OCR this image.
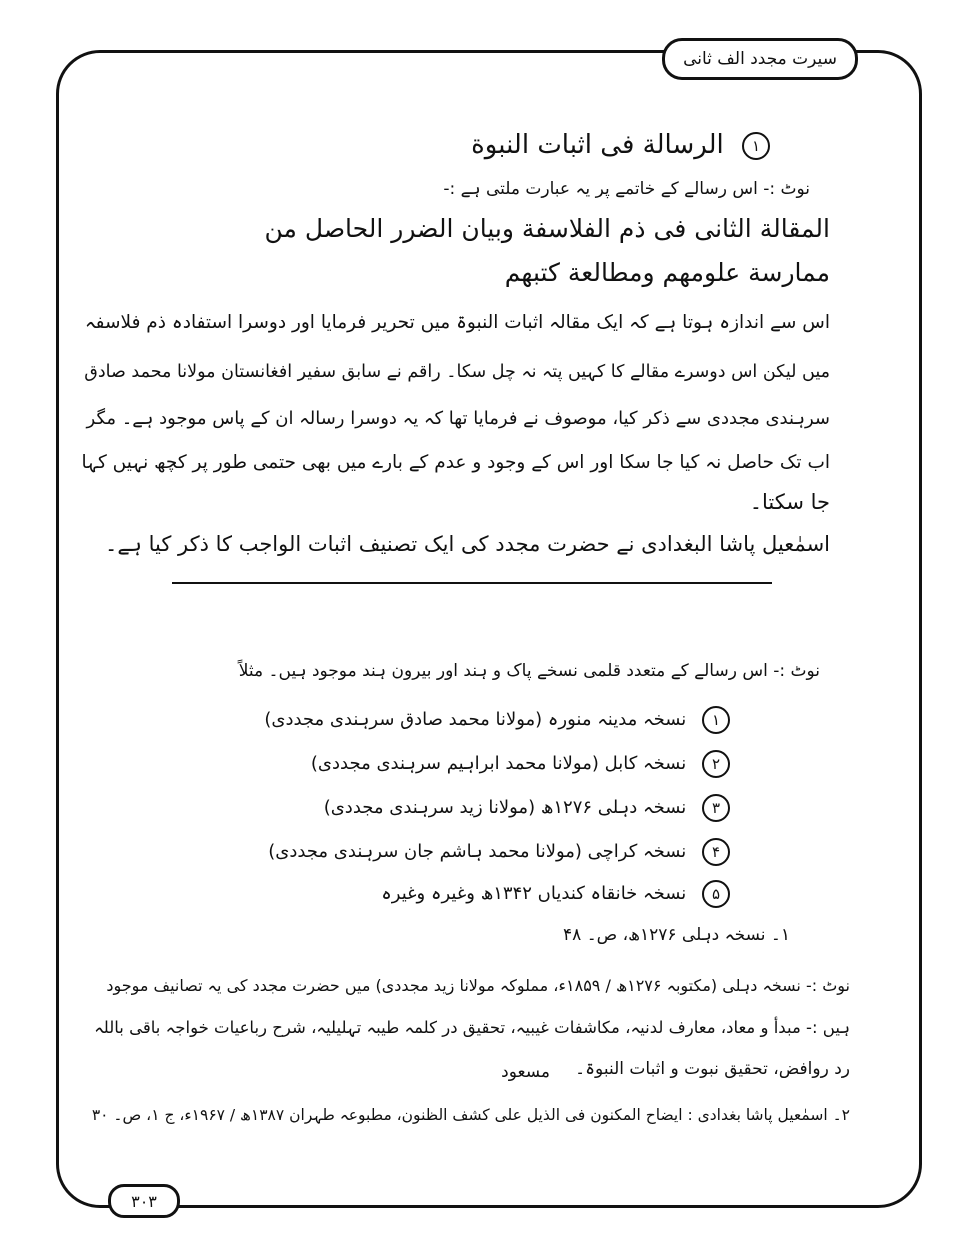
سیرت مجدد الف ثانی
۱ الرسالة فی اثبات النبوة
نوٹ :- اس رسالے کے خاتمے پر یہ عبارت ملتی ہے :-
المقالة الثانی فی ذم الفلاسفة وبیان الضرر الحاصل من
ممارسة علومهم ومطالعة کتبهم
اس سے اندازہ ہوتا ہے کہ ایک مقالہ اثبات النبوۃ میں تحریر فرمایا اور دوسرا استفادہ ذم فلاسفہ
میں لیکن اس دوسرے مقالے کا کہیں پتہ نہ چل سکا۔ راقم نے سابق سفیر افغانستان مولانا محمد صادق
سرہندی مجددی سے ذکر کیا، موصوف نے فرمایا تھا کہ یہ دوسرا رسالہ ان کے پاس موجود ہے۔ مگر
اب تک حاصل نہ کیا جا سکا اور اس کے وجود و عدم کے بارے میں بھی حتمی طور پر کچھ نہیں کہا
جا سکتا۔
اسمٰعیل پاشا البغدادی نے حضرت مجدد کی ایک تصنیف اثبات الواجب کا ذکر کیا ہے۔
نوٹ :- اس رسالے کے متعدد قلمی نسخے پاک و ہند اور بیرون ہند موجود ہیں۔ مثلاً
۱ نسخہ مدینہ منورہ (مولانا محمد صادق سرہندی مجددی)
۲ نسخہ کابل (مولانا محمد ابراہیم سرہندی مجددی)
۳ نسخہ دہلی ۱۲۷۶ھ (مولانا زید سرہندی مجددی)
۴ نسخہ کراچی (مولانا محمد ہاشم جان سرہندی مجددی)
۵ نسخہ خانقاہ کندیاں ۱۳۴۲ھ وغیرہ وغیرہ
۱۔ نسخہ دہلی ۱۲۷۶ھ، ص۔ ۴۸
نوٹ :- نسخہ دہلی (مکتوبہ ۱۲۷۶ھ / ۱۸۵۹ء، مملوکہ مولانا زید مجددی) میں حضرت مجدد کی یہ تصانیف موجود
ہیں :- مبدأ و معاد، معارف لدنیہ، مکاشفات غیبیہ، تحقیق در کلمہ طیبہ تہلیلیہ، شرح رباعیات خواجہ باقی باللہ
رد روافض، تحقیق نبوت و اثبات النبوۃ۔
مسعود
۲۔ اسمٰعیل پاشا بغدادی : ایضاح المکنون فی الذیل علی کشف الظنون، مطبوعہ طہران ۱۳۸۷ھ / ۱۹۶۷ء، ج ۱، ص۔ ۳۰
۳۰۳
